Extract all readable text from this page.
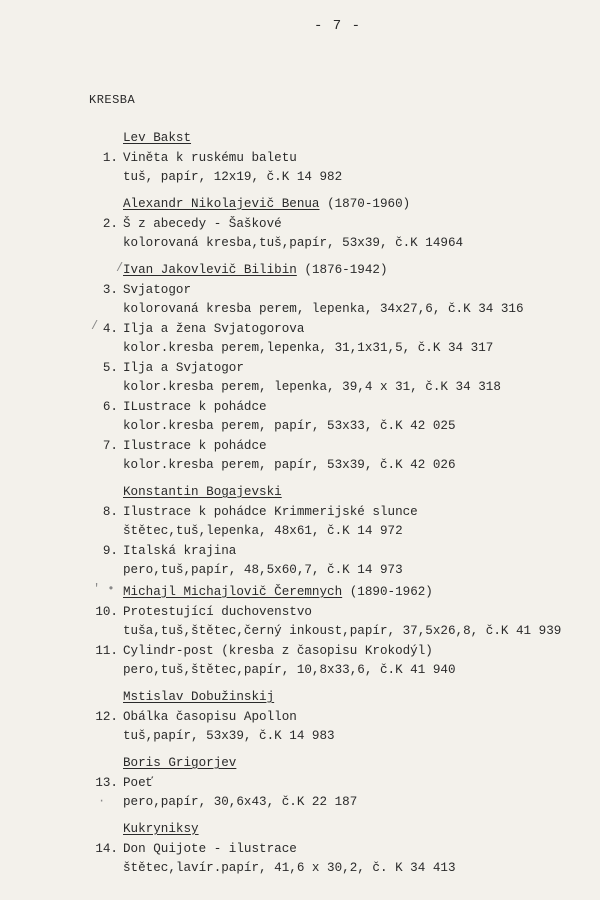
- 7 -
KRESBA
Lev Bakst
1. Viněta k ruskému baletu
tuš, papír, 12x19, č.K 14 982
Alexandr Nikolajevič Benua (1870-1960)
2. Š z abecedy - Šaškové
kolorovaná kresba,tuš,papír, 53x39, č.K 14964
Ivan Jakovlevič Bilibin (1876-1942)
/
3. Svjatogor
kolorovaná kresba perem, lepenka, 34x27,6, č.K 34 316
/ 4. Ilja a žena Svjatogorova
kolor.kresba perem,lepenka, 31,1x31,5, č.K 34 317
5. Ilja a Svjatogor
kolor.kresba perem, lepenka, 39,4 x 31, č.K 34 318
6. ILustrace k pohádce
kolor.kresba perem, papír, 53x33, č.K 42 025
7. Ilustrace k pohádce
kolor.kresba perem, papír, 53x39, č.K 42 026
Konstantin Bogajevski
8. Ilustrace k pohádce Krimmerijské slunce
štětec,tuš,lepenka, 48x61, č.K 14 972
9. Italská krajina
pero,tuš,papír, 48,5x60,7, č.K 14 973
' • Michajl Michajlovič Čeremnych (1890-1962)
10. Protestující duchovenstvo
tuša,tuš,štětec,černý inkoust,papír, 37,5x26,8, č.K 41 939
11. Cylindr-post (kresba z časopisu Krokodýl)
pero,tuš,štětec,papír, 10,8x33,6, č.K 41 940
Mstislav Dobužinskij
12. Obálka časopisu Apollon
tuš,papír, 53x39, č.K 14 983
Boris Grigorjev
13. Poeť
· pero,papír, 30,6x43, č.K 22 187
Kukryniksy
14. Don Quijote - ilustrace
štětec,lavír.papír, 41,6 x 30,2, č. K 34 413
